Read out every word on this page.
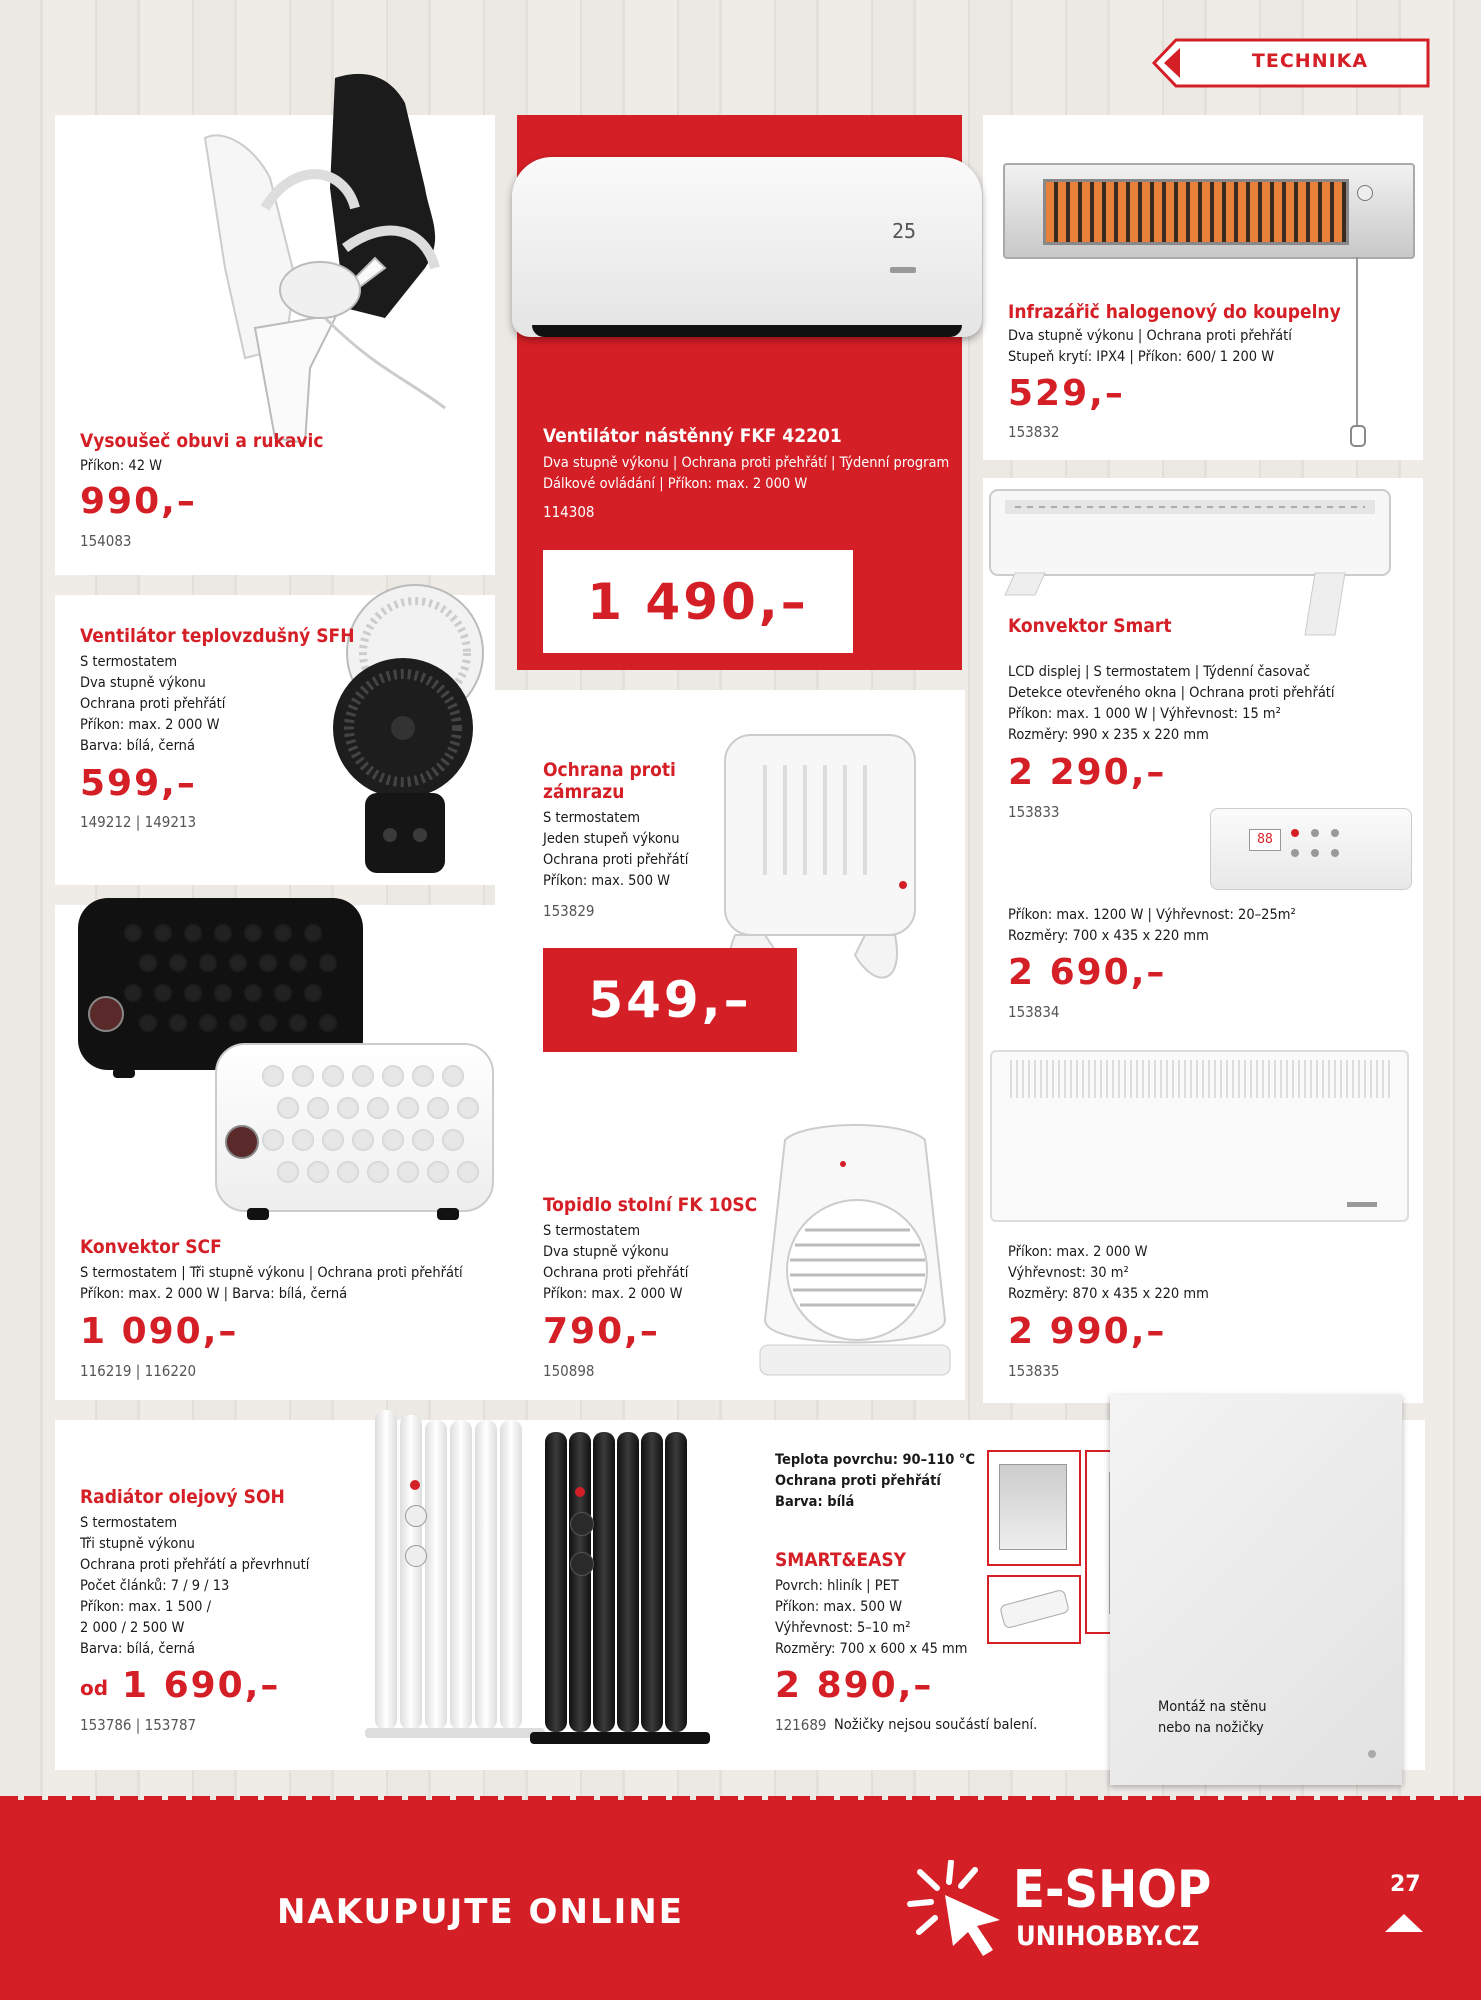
TECHNIKA
25
Ventilátor nástěnný FKF 42201
Dva stupně výkonu | Ochrana proti přehřátí | Týdenní program
Dálkové ovládání | Příkon: max. 2 000 W
114308
1 490,–
Vysoušeč obuvi a rukavic
Příkon: 42 W
990,–
154083
Infrazářič halogenový do koupelny
Dva stupně výkonu | Ochrana proti přehřátí
Stupeň krytí: IPX4 | Příkon: 600/ 1 200 W
529,–
153832
Ventilátor teplovzdušný SFH
S termostatem
Dva stupně výkonu
Ochrana proti přehřátí
Příkon: max. 2 000 W
Barva: bílá, černá
599,–
149212 | 149213
Ochrana proti
zámrazu
S termostatem
Jeden stupeň výkonu
Ochrana proti přehřátí
Příkon: max. 500 W
153829
549,–
Konvektor Smart
LCD displej | S termostatem | Týdenní časovač
Detekce otevřeného okna | Ochrana proti přehřátí
Příkon: max. 1 000 W | Výhřevnost: 15 m²
Rozměry: 990 x 235 x 220 mm
2 290,–
153833
88
Příkon: max. 1200 W | Výhřevnost: 20–25m²
Rozměry: 700 x 435 x 220 mm
2 690,–
153834
Příkon: max. 2 000 W
Výhřevnost: 30 m²
Rozměry: 870 x 435 x 220 mm
2 990,–
153835
Konvektor SCF
S termostatem | Tři stupně výkonu | Ochrana proti přehřátí
Příkon: max. 2 000 W | Barva: bílá, černá
1 090,–
116219 | 116220
Topidlo stolní FK 10SC
S termostatem
Dva stupně výkonu
Ochrana proti přehřátí
Příkon: max. 2 000 W
790,–
150898
Radiátor olejový SOH
S termostatem
Tři stupně výkonu
Ochrana proti přehřátí a převrhnutí
Počet článků: 7 / 9 / 13
Příkon: max. 1 500 /
2 000 / 2 500 W
Barva: bílá, černá
od 1 690,–
153786 | 153787
Teplota povrchu: 90–110 °C
Ochrana proti přehřátí
Barva: bílá
SMART&EASY
Povrch: hliník | PET
Příkon: max. 500 W
Výhřevnost: 5–10 m²
Rozměry: 700 x 600 x 45 mm
2 890,–
121689 Nožičky nejsou součástí balení.
Montáž na stěnu
nebo na nožičky
NAKUPUJTE ONLINE	E-SHOP
UNIHOBBY.CZ
27
